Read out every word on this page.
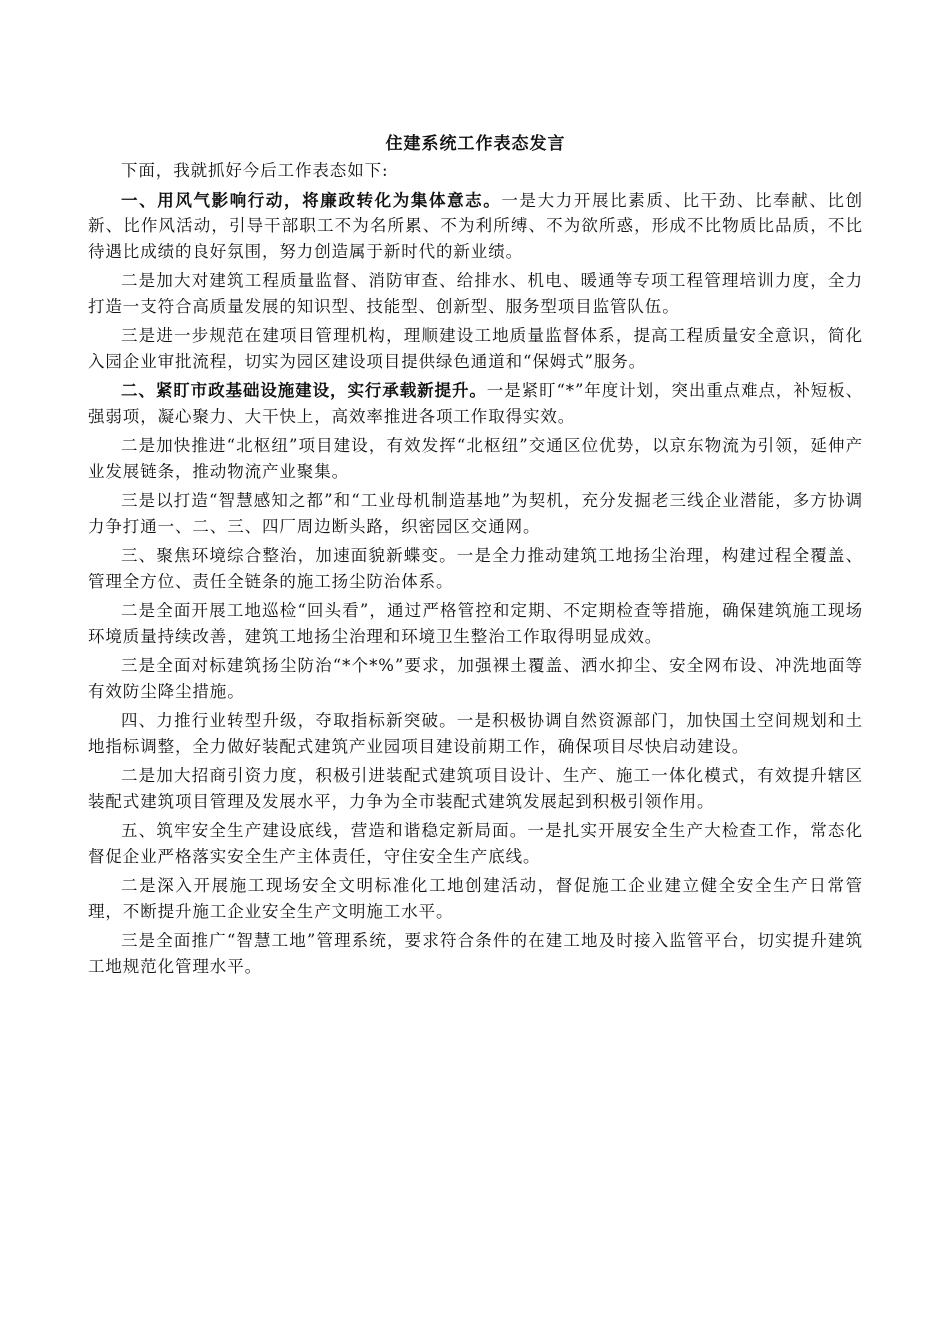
住建系统工作表态发言

下面，我就抓好今后工作表态如下:

一、用风气影响行动，将廉政转化为集体意志。一是大力开展比素质、比干劲、比奉献、比创新、比作风活动，引导干部职工不为名所累、不为利所缚、不为欲所惑，形成不比物质比品质，不比待遇比成绩的良好氛围，努力创造属于新时代的新业绩。

二是加大对建筑工程质量监督、消防审查、给排水、机电、暖通等专项工程管理培训力度，全力打造一支符合高质量发展的知识型、技能型、创新型、服务型项目监管队伍。

三是进一步规范在建项目管理机构，理顺建设工地质量监督体系，提高工程质量安全意识，简化入园企业审批流程，切实为园区建设项目提供绿色通道和“保姆式”服务。

二、紧盯市政基础设施建设，实行承载新提升。一是紧盯“*”年度计划，突出重点难点，补短板、强弱项，凝心聚力、大干快上，高效率推进各项工作取得实效。

二是加快推进“北枢纽”项目建设，有效发挥“北枢纽”交通区位优势，以京东物流为引领，延伸产业发展链条，推动物流产业聚集。

三是以打造“智慧感知之都”和“工业母机制造基地”为契机，充分发掘老三线企业潜能，多方协调力争打通一、二、三、四厂周边断头路，织密园区交通网。

三、聚焦环境综合整治，加速面貌新蝶变。一是全力推动建筑工地扬尘治理，构建过程全覆盖、管理全方位、责任全链条的施工扬尘防治体系。

二是全面开展工地巡检“回头看”，通过严格管控和定期、不定期检查等措施，确保建筑施工现场环境质量持续改善，建筑工地扬尘治理和环境卫生整治工作取得明显成效。

三是全面对标建筑扬尘防治“*个*%”要求，加强裸土覆盖、洒水抑尘、安全网布设、冲洗地面等有效防尘降尘措施。

四、力推行业转型升级，夺取指标新突破。一是积极协调自然资源部门，加快国土空间规划和土地指标调整，全力做好装配式建筑产业园项目建设前期工作，确保项目尽快启动建设。

二是加大招商引资力度，积极引进装配式建筑项目设计、生产、施工一体化模式，有效提升辖区装配式建筑项目管理及发展水平，力争为全市装配式建筑发展起到积极引领作用。

五、筑牢安全生产建设底线，营造和谐稳定新局面。一是扎实开展安全生产大检查工作，常态化督促企业严格落实安全生产主体责任，守住安全生产底线。

二是深入开展施工现场安全文明标准化工地创建活动，督促施工企业建立健全安全生产日常管理，不断提升施工企业安全生产文明施工水平。

三是全面推广“智慧工地”管理系统，要求符合条件的在建工地及时接入监管平台，切实提升建筑工地规范化管理水平。
